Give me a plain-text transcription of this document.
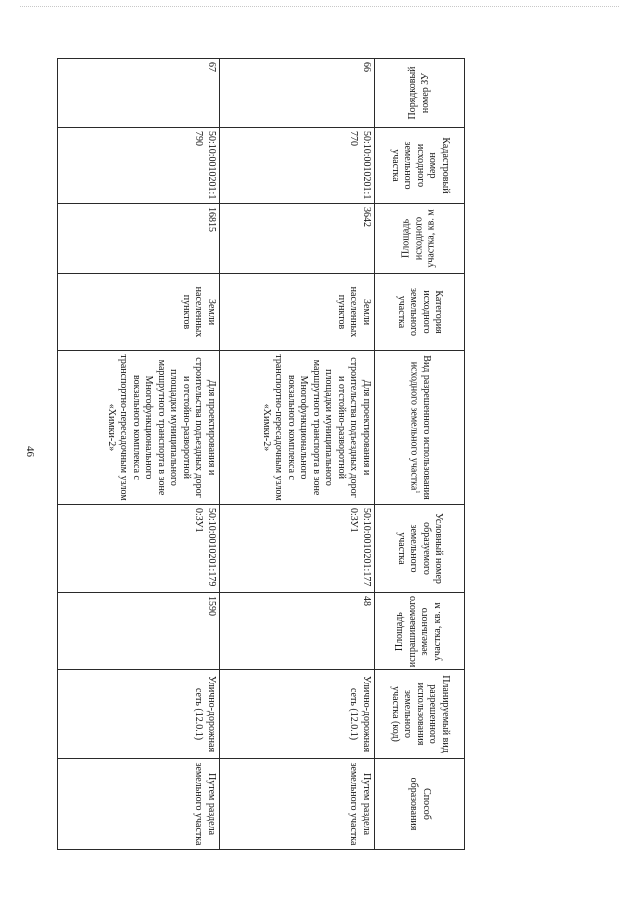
46
Порядковый номер ЗУ	Кадастровый номер исходного земельного участка	Площадь исходного участка, кв. м	Категория исходного земельного участка	Вид разрешенного использования исходного земельного участка$^1$	Условный номер образуемого земельного участка	Площадь испрашиваемого земельного участка, кв. м	Планируемый вид разрешенного использования земельного участка (код)	Способ образования
66	50:10:0010201:1770	3642	Земли населенных пунктов	Для проектирования и строительства подъездных дорог и отстойно-разворотной площадки муниципального маршрутного транспорта в зоне Многофункционального вокзального комплекса с транспортно-пересадочным узлом «Химки-2»	50:10:0010201:1770:ЗУ1	48	Улично-дорожная сеть (12.0.1)	Путем раздела земельного участка
67	50:10:0010201:1790	16815	Земли населенных пунктов	Для проектирования и строительства подъездных дорог и отстойно-разворотной площадки муниципального маршрутного транспорта в зоне Многофункционального вокзального комплекса с транспортно-пересадочным узлом «Химки-2»	50:10:0010201:1790:ЗУ1	1590	Улично-дорожная сеть (12.0.1)	Путем раздела земельного участка
